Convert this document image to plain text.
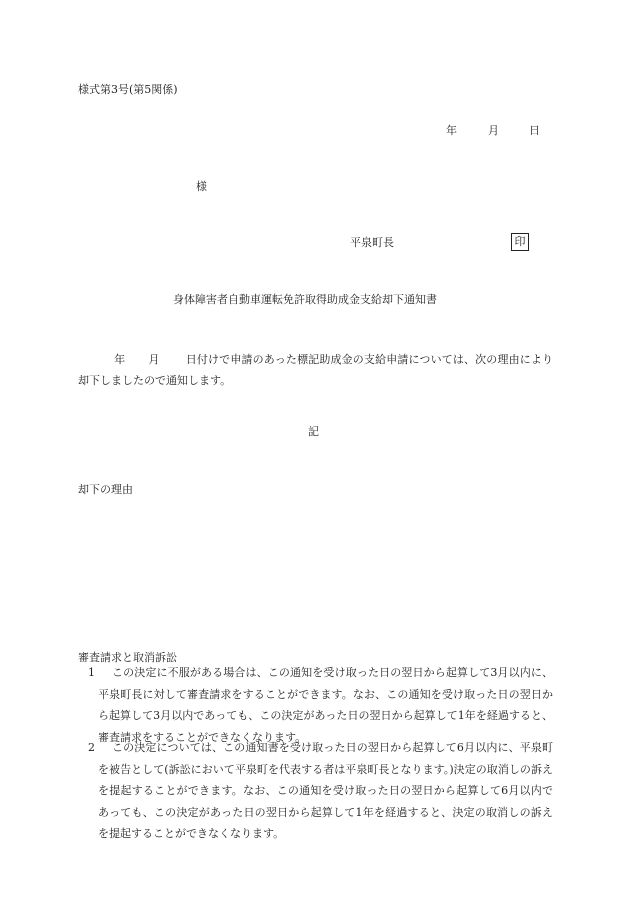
様式第3号(第5関係)
年	月	日
様
平泉町長	印
身体障害者自動車運転免許取得助成金支給却下通知書
年 月 日付けで申請のあった標記助成金の支給申請については、次の理由により却下しましたので通知します。
記
却下の理由
審査請求と取消訴訟
1	この決定に不服がある場合は、この通知を受け取った日の翌日から起算して3月以内に、平泉町長に対して審査請求をすることができます。なお、この通知を受け取った日の翌日から起算して3月以内であっても、この決定があった日の翌日から起算して1年を経過すると、審査請求をすることができなくなります。
2	この決定については、この通知書を受け取った日の翌日から起算して6月以内に、平泉町を被告として(訴訟において平泉町を代表する者は平泉町長となります。)決定の取消しの訴えを提起することができます。なお、この通知を受け取った日の翌日から起算して6月以内であっても、この決定があった日の翌日から起算して1年を経過すると、決定の取消しの訴えを提起することができなくなります。
